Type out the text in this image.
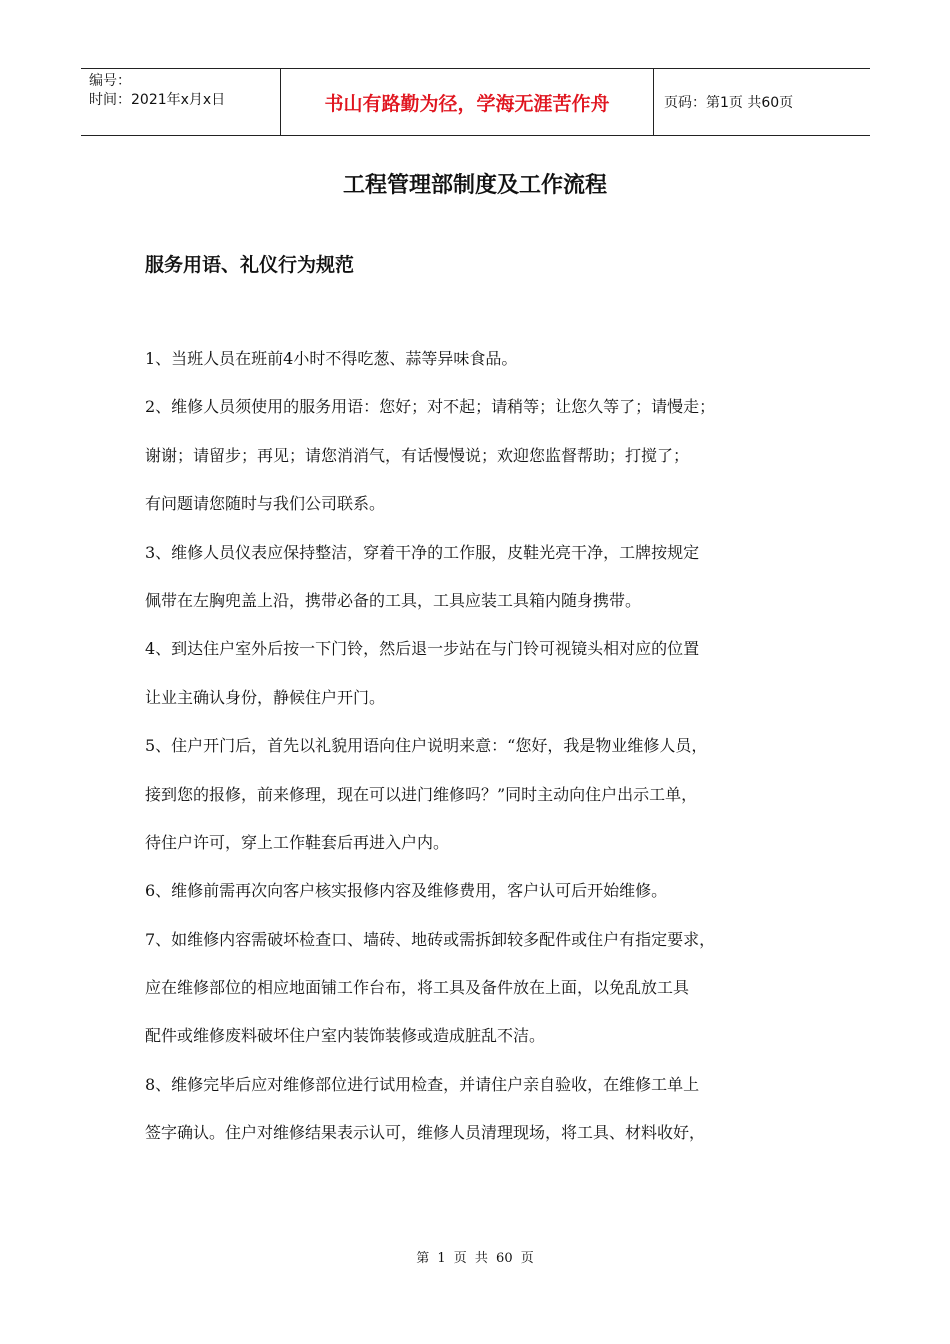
编号：
时间：2021年x月x日	书山有路勤为径，学海无涯苦作舟	页码：第1页 共60页
工程管理部制度及工作流程
服务用语、礼仪行为规范
1、当班人员在班前4小时不得吃葱、蒜等异味食品。
2、维修人员须使用的服务用语：您好；对不起；请稍等；让您久等了；请慢走；
谢谢；请留步；再见；请您消消气，有话慢慢说；欢迎您监督帮助；打搅了；
有问题请您随时与我们公司联系。
3、维修人员仪表应保持整洁，穿着干净的工作服，皮鞋光亮干净，工牌按规定
佩带在左胸兜盖上沿，携带必备的工具，工具应装工具箱内随身携带。
4、到达住户室外后按一下门铃，然后退一步站在与门铃可视镜头相对应的位置
让业主确认身份，静候住户开门。
5、住户开门后，首先以礼貌用语向住户说明来意：“您好，我是物业维修人员，
接到您的报修，前来修理，现在可以进门维修吗？”同时主动向住户出示工单，
待住户许可，穿上工作鞋套后再进入户内。
6、维修前需再次向客户核实报修内容及维修费用，客户认可后开始维修。
7、如维修内容需破坏检查口、墙砖、地砖或需拆卸较多配件或住户有指定要求，
应在维修部位的相应地面铺工作台布，将工具及备件放在上面，以免乱放工具
配件或维修废料破坏住户室内装饰装修或造成脏乱不洁。
8、维修完毕后应对维修部位进行试用检查，并请住户亲自验收，在维修工单上
签字确认。住户对维修结果表示认可，维修人员清理现场，将工具、材料收好，
第 1 页 共 60 页
